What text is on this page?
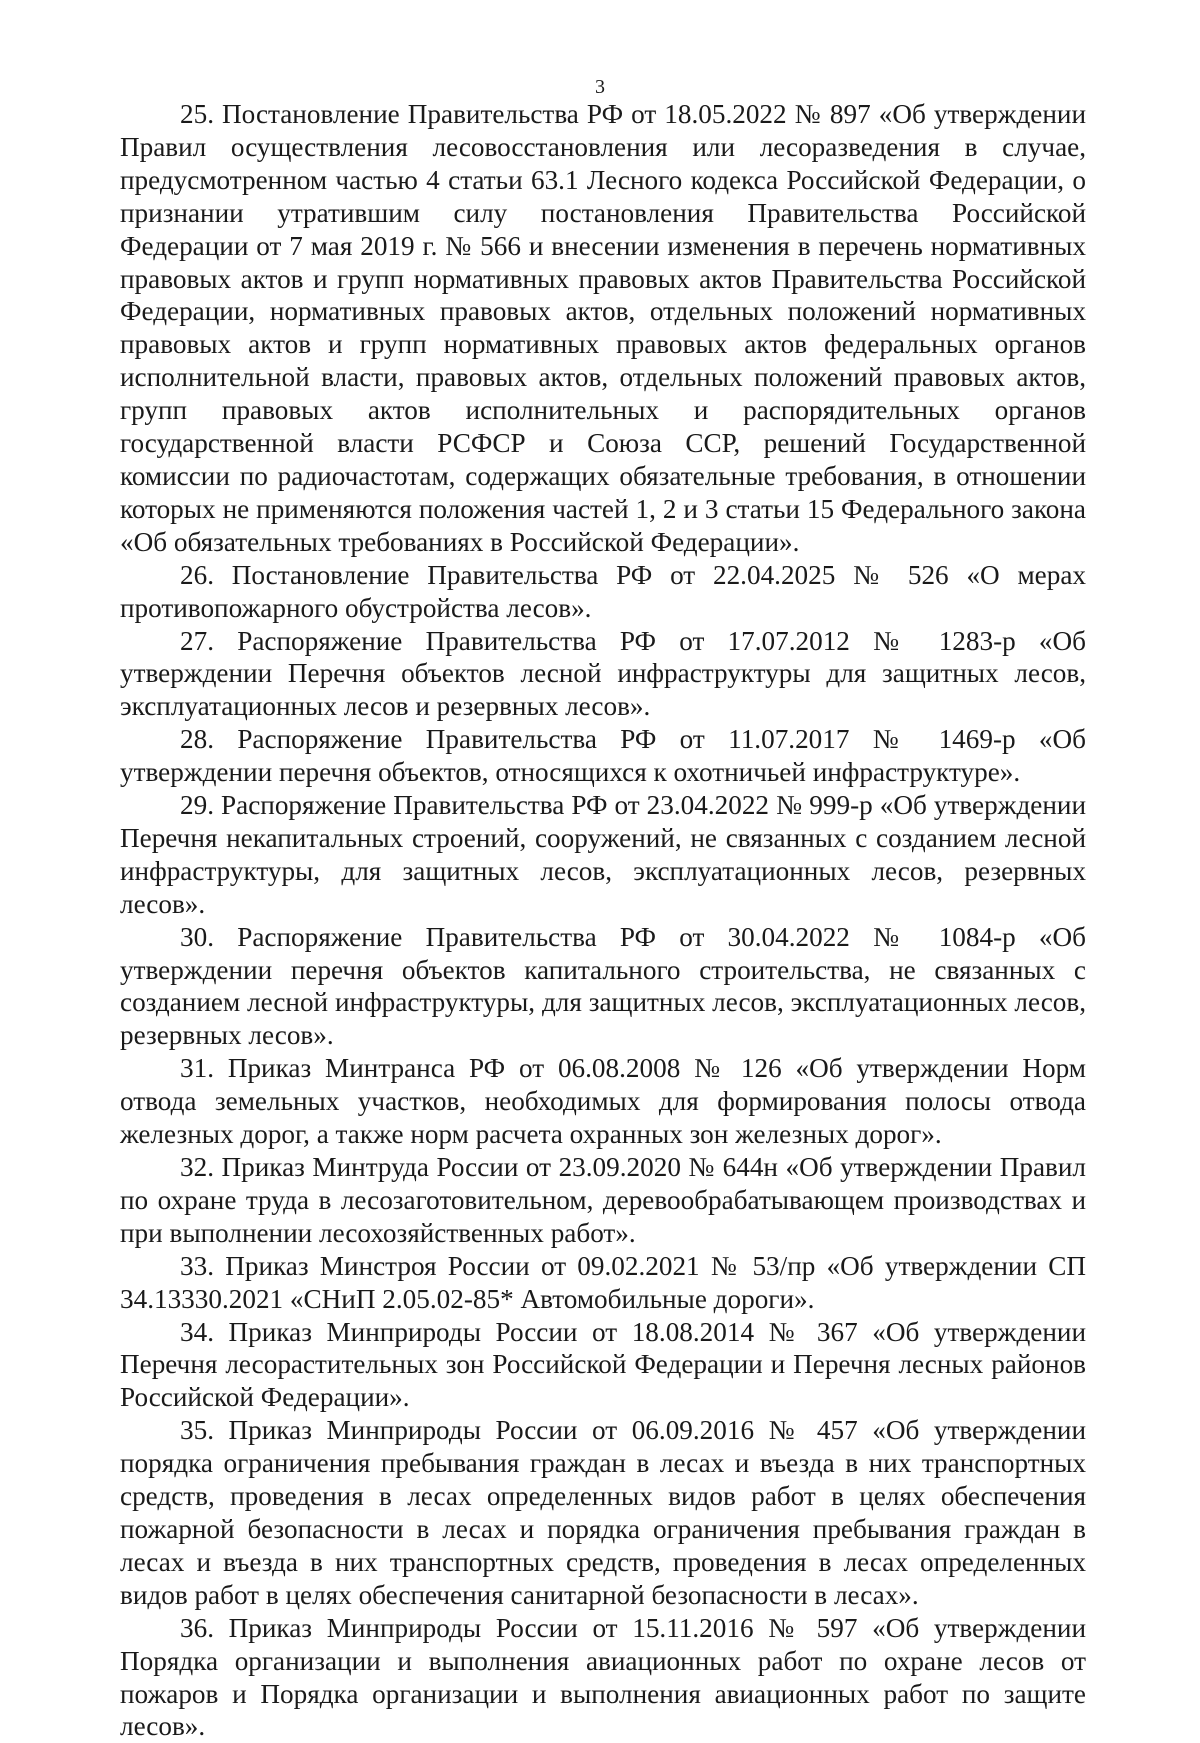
3

25. Постановление Правительства РФ от 18.05.2022 № 897 «Об утверждении Правил осуществления лесовосстановления или лесоразведения в случае, предусмотренном частью 4 статьи 63.1 Лесного кодекса Российской Федерации, о признании утратившим силу постановления Правительства Российской Федерации от 7 мая 2019 г. № 566 и внесении изменения в перечень нормативных правовых актов и групп нормативных правовых актов Правительства Российской Федерации, нормативных правовых актов, отдельных положений нормативных правовых актов и групп нормативных правовых актов федеральных органов исполнительной власти, правовых актов, отдельных положений правовых актов, групп правовых актов исполнительных и распорядительных органов государственной власти РСФСР и Союза ССР, решений Государственной комиссии по радиочастотам, содержащих обязательные требования, в отношении которых не применяются положения частей 1, 2 и 3 статьи 15 Федерального закона «Об обязательных требованиях в Российской Федерации».

26. Постановление Правительства РФ от 22.04.2025 № 526 «О мерах противопожарного обустройства лесов».

27. Распоряжение Правительства РФ от 17.07.2012 № 1283-р «Об утверждении Перечня объектов лесной инфраструктуры для защитных лесов, эксплуатационных лесов и резервных лесов».

28. Распоряжение Правительства РФ от 11.07.2017 № 1469-р «Об утверждении перечня объектов, относящихся к охотничьей инфраструктуре».

29. Распоряжение Правительства РФ от 23.04.2022 № 999-р «Об утверждении Перечня некапитальных строений, сооружений, не связанных с созданием лесной инфраструктуры, для защитных лесов, эксплуатационных лесов, резервных лесов».

30. Распоряжение Правительства РФ от 30.04.2022 № 1084-р «Об утверждении перечня объектов капитального строительства, не связанных с созданием лесной инфраструктуры, для защитных лесов, эксплуатационных лесов, резервных лесов».

31. Приказ Минтранса РФ от 06.08.2008 № 126 «Об утверждении Норм отвода земельных участков, необходимых для формирования полосы отвода железных дорог, а также норм расчета охранных зон железных дорог».

32. Приказ Минтруда России от 23.09.2020 № 644н «Об утверждении Правил по охране труда в лесозаготовительном, деревообрабатывающем производствах и при выполнении лесохозяйственных работ».

33. Приказ Минстроя России от 09.02.2021 № 53/пр «Об утверждении СП 34.13330.2021 «СНиП 2.05.02-85* Автомобильные дороги».

34. Приказ Минприроды России от 18.08.2014 № 367 «Об утверждении Перечня лесорастительных зон Российской Федерации и Перечня лесных районов Российской Федерации».

35. Приказ Минприроды России от 06.09.2016 № 457 «Об утверждении порядка ограничения пребывания граждан в лесах и въезда в них транспортных средств, проведения в лесах определенных видов работ в целях обеспечения пожарной безопасности в лесах и порядка ограничения пребывания граждан в лесах и въезда в них транспортных средств, проведения в лесах определенных видов работ в целях обеспечения санитарной безопасности в лесах».

36. Приказ Минприроды России от 15.11.2016 № 597 «Об утверждении Порядка организации и выполнения авиационных работ по охране лесов от пожаров и Порядка организации и выполнения авиационных работ по защите лесов».
